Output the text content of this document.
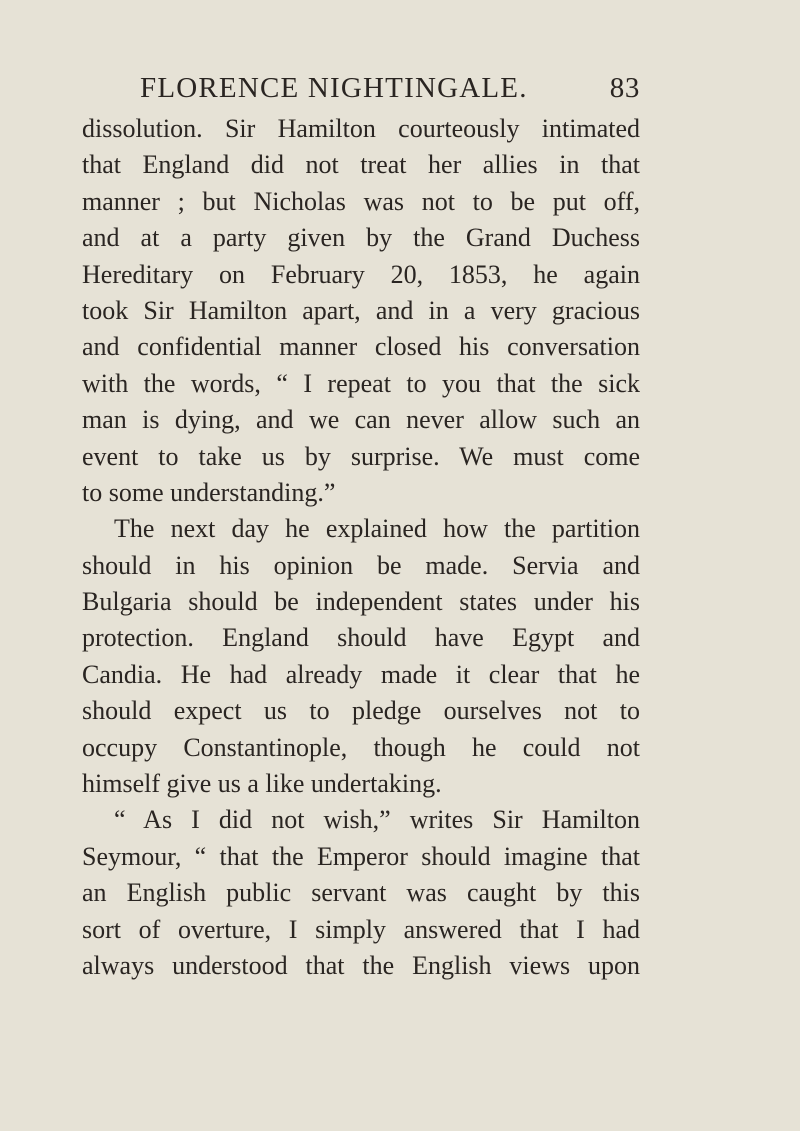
FLORENCE NIGHTINGALE.	83
dissolution. Sir Hamilton courteously intimated
that England did not treat her allies in that
manner ; but Nicholas was not to be put off,
and at a party given by the Grand Duchess
Hereditary on February 20, 1853, he again
took Sir Hamilton apart, and in a very gracious
and confidential manner closed his conversation
with the words, “ I repeat to you that the sick
man is dying, and we can never allow such an
event to take us by surprise. We must come
to some understanding.”
The next day he explained how the partition
should in his opinion be made. Servia and
Bulgaria should be independent states under his
protection. England should have Egypt and
Candia. He had already made it clear that he
should expect us to pledge ourselves not to
occupy Constantinople, though he could not
himself give us a like undertaking.
“ As I did not wish,” writes Sir Hamilton
Seymour, “ that the Emperor should imagine that
an English public servant was caught by this
sort of overture, I simply answered that I had
always understood that the English views upon
